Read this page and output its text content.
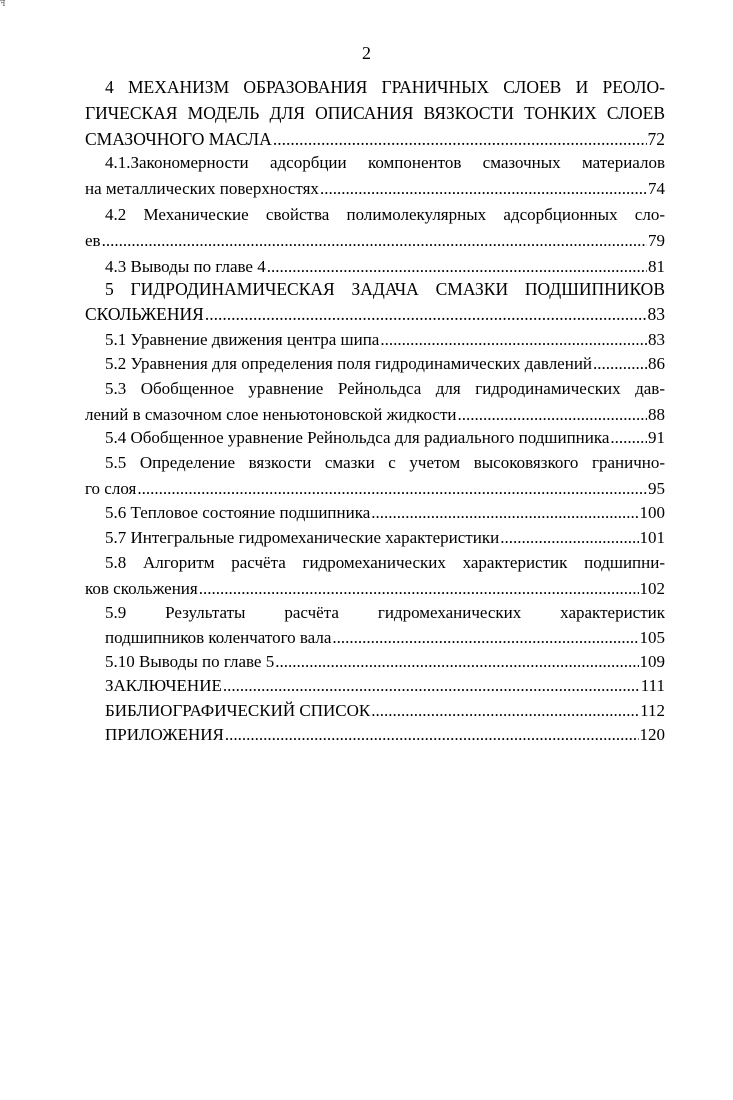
ꟻ
2
4 МЕХАНИЗМ ОБРАЗОВАНИЯ ГРАНИЧНЫХ СЛОЕВ И РЕОЛО-
ГИЧЕСКАЯ МОДЕЛЬ ДЛЯ ОПИСАНИЯ ВЯЗКОСТИ ТОНКИХ СЛОЕВ
СМАЗОЧНОГО МАСЛА .....	72
4.1.Закономерности адсорбции компонентов смазочных материалов
на металлических поверхностях .....	74
4.2 Механические свойства полимолекулярных адсорбционных сло-
ев .....	79
4.3 Выводы по главе 4 .....	81
5 ГИДРОДИНАМИЧЕСКАЯ ЗАДАЧА СМАЗКИ ПОДШИПНИКОВ
СКОЛЬЖЕНИЯ .....	83
5.1 Уравнение движения центра шипа .....	83
5.2 Уравнения для определения поля гидродинамических давлений .....	86
5.3 Обобщенное уравнение Рейнольдса для гидродинамических дав-
лений в смазочном слое неньютоновской жидкости .....	88
5.4 Обобщенное уравнение Рейнольдса для радиального подшипника ..... 91
5.5 Определение вязкости смазки с учетом высоковязкого гранично-
го слоя .....	95
5.6 Тепловое состояние подшипника .....	100
5.7 Интегральные гидромеханические характеристики .....	101
5.8 Алгоритм расчёта гидромеханических характеристик подшипни-
ков скольжения .....	102
5.9 Результаты расчёта гидромеханических характеристик
подшипников коленчатого вала .....	105
5.10 Выводы по главе 5 .....	109
ЗАКЛЮЧЕНИЕ .....	111
БИБЛИОГРАФИЧЕСКИЙ СПИСОК .....	112
ПРИЛОЖЕНИЯ .....	120
